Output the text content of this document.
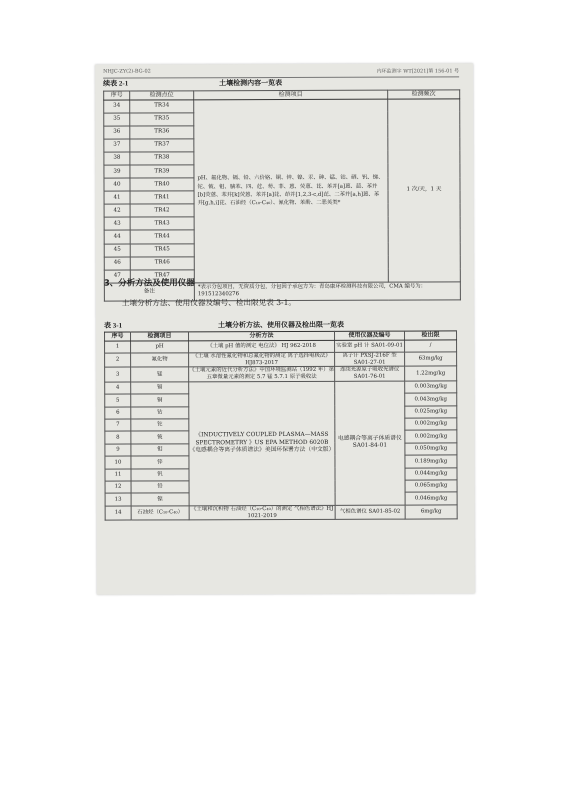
NHJC-ZY(2)-BG-02	内环监测字 WT[2021]第 156-01 号
续表 2-1	土壤检测内容一览表
序号	检测点位	检测项目	检测频次
34	TR34	pH、氟化物、镉、铅、六价铬、铜、锌、镍、汞、砷、锰、钴、硒、钒、锑、铊、铍、钼、腈苯、四、苊、芴、菲、蒽、荧蒽、芘、苯并[a]蒽、䓛、苯并[b]荧蒽、苯并[k]荧蒽、苯并[a]芘、茚并[1,2,3-c,d]芘、二苯并[a,h]蒽、苯并[g,h,i]芘、石油烃（C₁₀-C₄₀）、氰化物、苯酚、二恶英类*	1 次/天，1 天
35	TR35		
36	TR36		
37	TR37		
38	TR38		
39	TR39		
40	TR40		
41	TR41		
42	TR42		
43	TR43		
44	TR44		
45	TR45		
46	TR46		
47	TR47		
备注		*表示分包项目，无资质分包，分包因子承包方为：青岛康环检测科技有限公司，CMA 编号为：191512340276	
3、分析方法及使用仪器
土壤分析方法、使用仪器及编号、检出限见表 3-1。
表 3-1	土壤分析方法、使用仪器及检出限一览表
序号	检测项目	分析方法	使用仪器及编号	检出限
1	pH	《土壤 pH 值的测定 电位法》 HJ 962-2018	实验室 pH 计 SA01-09-01	/
2	氟化物	《土壤 水溶性氟化物和总氟化物的测定 离子选择电极法》HJ873-2017	离子计 PXSJ-216F 型 SA01-27-01	63mg/kg
3	锰	《土壤元素的近代分析方法》中国环境监测站（1992 年）第五章微量元素的测定 5.7 锰 5.7.1 原子吸收法	连续光源原子吸收光谱仪 SA01-76-01	1.22mg/kg
4	镉	《INDUCTIVELY COUPLED PLASMA—MASS SPECTROMETRY 》US EPA METHOD 6020B 《电感耦合等离子体质谱法》美国环保署方法（中文版）	电感耦合等离子体质谱仪 SA01-84-01	0.003mg/kg
5	铜			0.043mg/kg
6	钴			0.025mg/kg
7	铊			0.002mg/kg
8	铍			0.002mg/kg
9	钼			0.050mg/kg
10	锌			0.189mg/kg
11	钒			0.044mg/kg
12	铅			0.065mg/kg
13	镍			0.046mg/kg
14	石油烃（C₁₀-C₄₀）	《土壤和沉积物 石油烃（C₁₀-C₄₀）的测定 气相色谱法》HJ 1021-2019	气相色谱仪 SA01-85-02	6mg/kg
